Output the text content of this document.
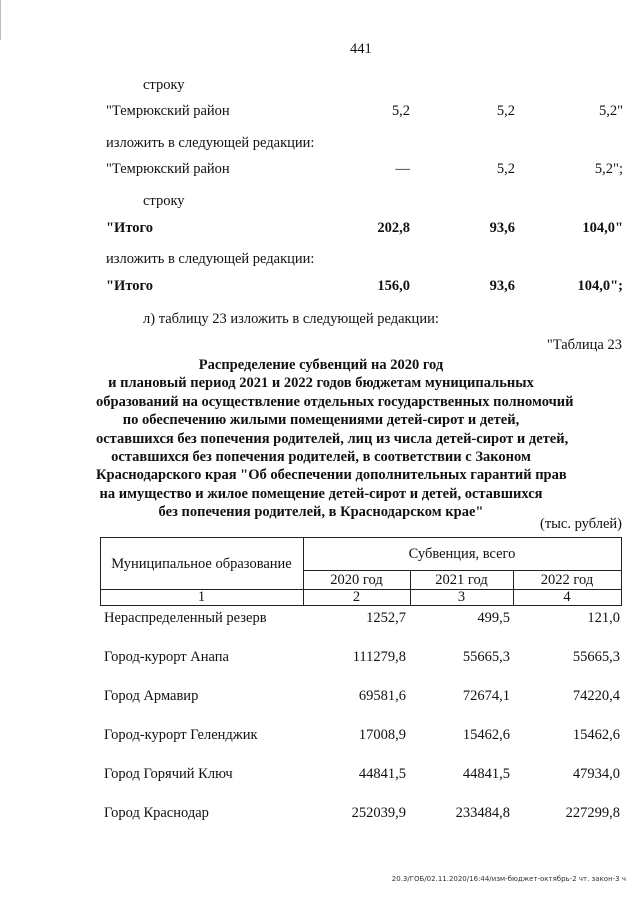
441
строку
"Темрюкский район	5,2	5,2	5,2"
изложить в следующей редакции:
"Темрюкский район	—	5,2	5,2";
строку
"Итого	202,8	93,6	104,0"
изложить в следующей редакции:
"Итого	156,0	93,6	104,0";
л) таблицу 23 изложить в следующей редакции:
"Таблица 23
Распределение субвенций на 2020 год
и плановый период 2021 и 2022 годов бюджетам муниципальных
образований на осуществление отдельных государственных полномочий
по обеспечению жилыми помещениями детей-сирот и детей,
оставшихся без попечения родителей, лиц из числа детей-сирот и детей,
оставшихся без попечения родителей, в соответствии с Законом
Краснодарского края "Об обеспечении дополнительных гарантий прав
на имущество и жилое помещение детей-сирот и детей, оставшихся
без попечения родителей, в Краснодарском крае"
(тыс. рублей)
Муниципальное образование
Субвенция, всего
2020 год	2021 год	2022 год
1	2	3	4
Нераспределенный резерв	1252,7	499,5	121,0
Город-курорт Анапа	111279,8	55665,3	55665,3
Город Армавир	69581,6	72674,1	74220,4
Город-курорт Геленджик	17008,9	15462,6	15462,6
Город Горячий Ключ	44841,5	44841,5	47934,0
Город Краснодар	252039,9	233484,8	227299,8
20.3/ГОБ/02.11.2020/16:44/изм-бюджет-октябрь-2 чт. закон-3 ч
